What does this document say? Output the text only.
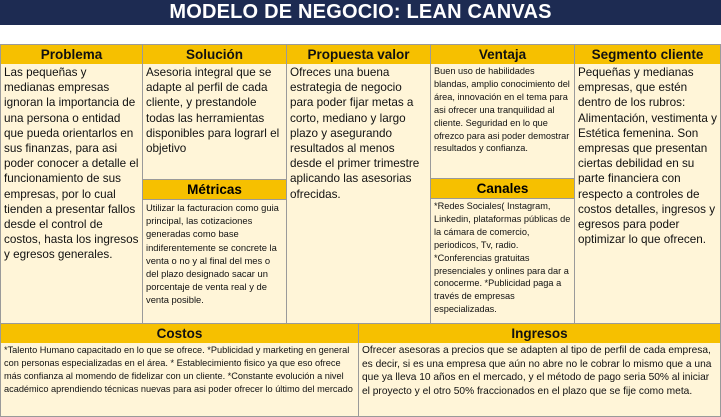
MODELO DE NEGOCIO: LEAN CANVAS
Problema
Las pequeñas y medianas empresas ignoran la importancia de una persona o entidad que pueda orientarlos en sus finanzas, para asi poder conocer a detalle el funcionamiento de sus empresas, por lo cual tienden a presentar fallos desde el control de costos, hasta los ingresos y egresos generales.
Solución
Asesoria integral que se adapte al perfil de cada cliente, y prestandole todas las herramientas disponibles para lograrl el objetivo
Métricas
Utilizar la facturacion como guia principal, las cotizaciones generadas como base indiferentemente se concrete la venta o no y al final del mes o del plazo designado sacar un porcentaje de venta real y de venta posible.
Propuesta valor
Ofreces una buena estrategia de negocio para poder fijar metas a corto, mediano y largo plazo y asegurando resultados al menos desde el primer trimestre aplicando las asesorias ofrecidas.
Ventaja
Buen uso de habilidades blandas, amplio conocimiento del área, innovación en el tema para asi ofrecer una tranquilidad al cliente. Seguridad en lo que ofrezco para asi poder demostrar resultados y confianza.
Canales
*Redes Sociales( Instagram, Linkedin, plataformas públicas de la cámara de comercio, periodicos, Tv, radio. *Conferencias gratuitas presenciales y onlines para dar a conocerme. *Publicidad paga a través de empresas especializadas.
Segmento cliente
Pequeñas y medianas empresas, que estén dentro de los rubros: Alimentación, vestimenta y Estética femenina. Son empresas que presentan ciertas debilidad en su parte financiera con respecto a controles de costos detalles, ingresos y egresos para poder optimizar lo que ofrecen.
Costos
*Talento Humano capacitado en lo que se ofrece. *Publicidad y marketing en general con personas especializadas en el área. * Establecimiento fisico ya que eso ofrece más confianza al momendo de fidelizar con un cliente. *Constante evolución a nivel académico aprendiendo técnicas nuevas para asi poder ofrecer lo último del mercado
Ingresos
Ofrecer asesoras a precios que se adapten al tipo de perfil de cada empresa, es decir, si es una empresa que aún no abre no le cobrar lo mismo que a una que ya lleva 10 años en el mercado, y el método de pago seria 50% al iniciar el proyecto y el otro 50% fraccionados en el plazo que se fije como meta.
